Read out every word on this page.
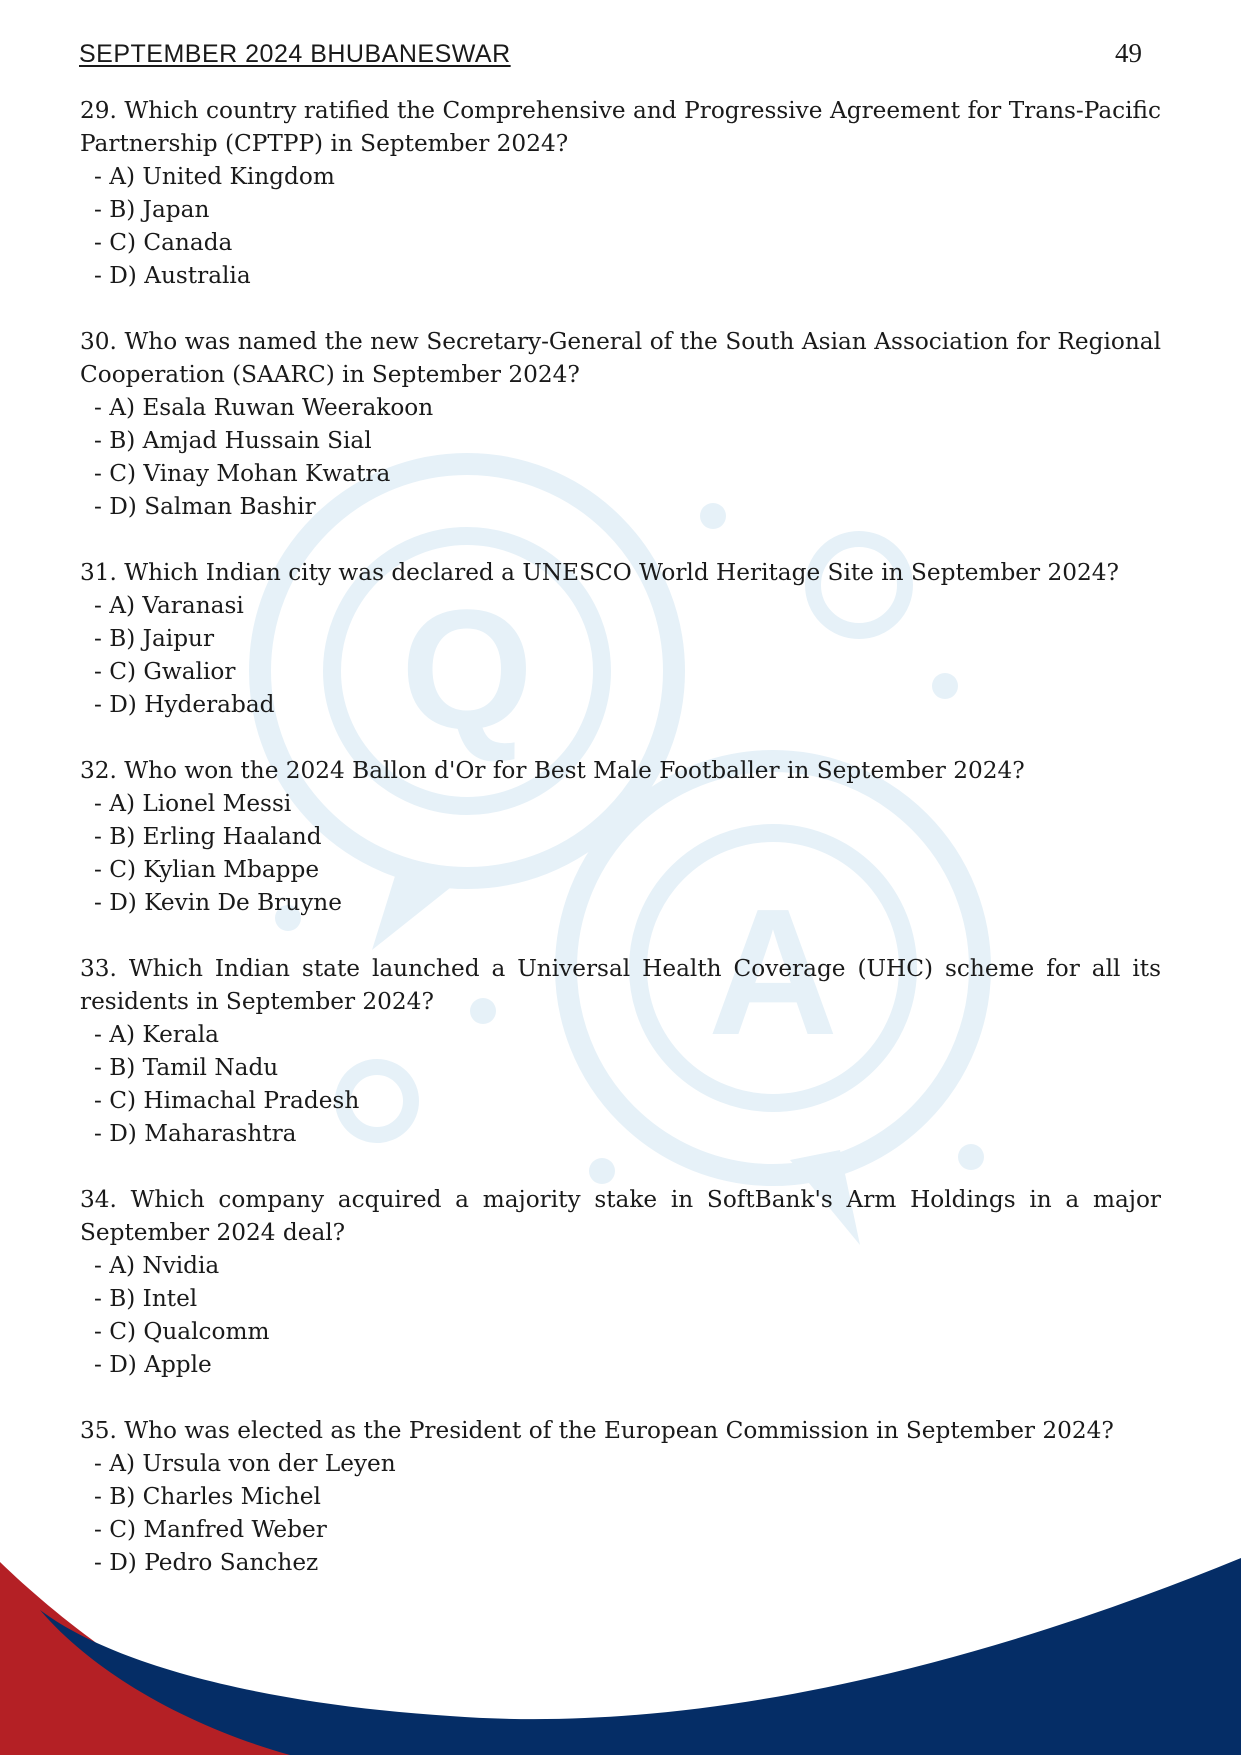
Q
A
SEPTEMBER 2024 BHUBANESWAR	49

29. Which country ratified the Comprehensive and Progressive Agreement for Trans-Pacific Partnership (CPTPP) in September 2024?

- A) United Kingdom

- B) Japan

- C) Canada

- D) Australia

30. Who was named the new Secretary-General of the South Asian Association for Regional Cooperation (SAARC) in September 2024?

- A) Esala Ruwan Weerakoon

- B) Amjad Hussain Sial

- C) Vinay Mohan Kwatra

- D) Salman Bashir

31. Which Indian city was declared a UNESCO World Heritage Site in September 2024?

- A) Varanasi

- B) Jaipur

- C) Gwalior

- D) Hyderabad

32. Who won the 2024 Ballon d'Or for Best Male Footballer in September 2024?

- A) Lionel Messi

- B) Erling Haaland

- C) Kylian Mbappe

- D) Kevin De Bruyne

33. Which Indian state launched a Universal Health Coverage (UHC) scheme for all its residents in September 2024?

- A) Kerala

- B) Tamil Nadu

- C) Himachal Pradesh

- D) Maharashtra

34. Which company acquired a majority stake in SoftBank's Arm Holdings in a major September 2024 deal?

- A) Nvidia

- B) Intel

- C) Qualcomm

- D) Apple

35. Who was elected as the President of the European Commission in September 2024?

- A) Ursula von der Leyen

- B) Charles Michel

- C) Manfred Weber

- D) Pedro Sanchez
